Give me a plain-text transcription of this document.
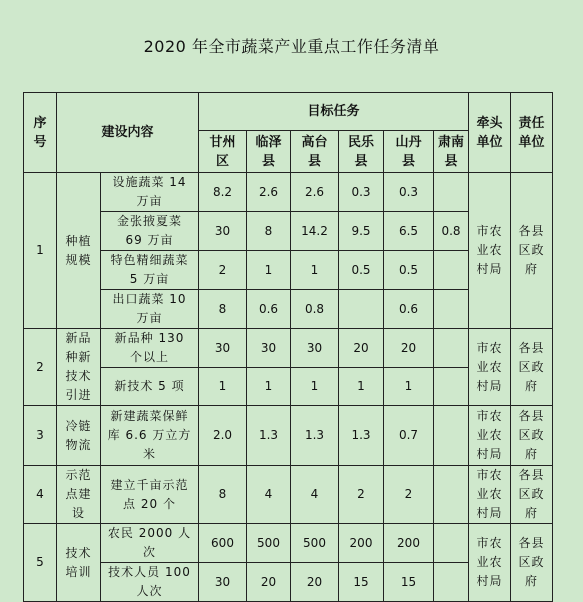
2020 年全市蔬菜产业重点工作任务清单
序号	建设内容		目标任务						牵头单位	责任单位

			甘州区	临泽县	高台县	民乐县	山丹县	肃南县		

1	种植规模	设施蔬菜 14 万亩	8.2	2.6	2.6	0.3	0.3		市农业农村局	各县区政府

		金张掖夏菜 69 万亩	30	8	14.2	9.5	6.5	0.8		

		特色精细蔬菜 5 万亩	2	1	1	0.5	0.5			

		出口蔬菜 10 万亩	8	0.6	0.8		0.6			
2	新品种新技术引进	新品种 130 个以上	30	30	30	20	20		市农业农村局	各县区政府

		新技术 5 项	1	1	1	1	1			
3	冷链物流	新建蔬菜保鲜库 6.6 万立方米	2.0	1.3	1.3	1.3	0.7		市农业农村局	各县区政府

4	示范点建设	建立千亩示范点 20 个	8	4	4	2	2		市农业农村局	各县区政府

5	技术培训	农民 2000 人次	600	500	500	200	200		市农业农村局	各县区政府

		技术人员 100 人次	30	20	20	15	15			
